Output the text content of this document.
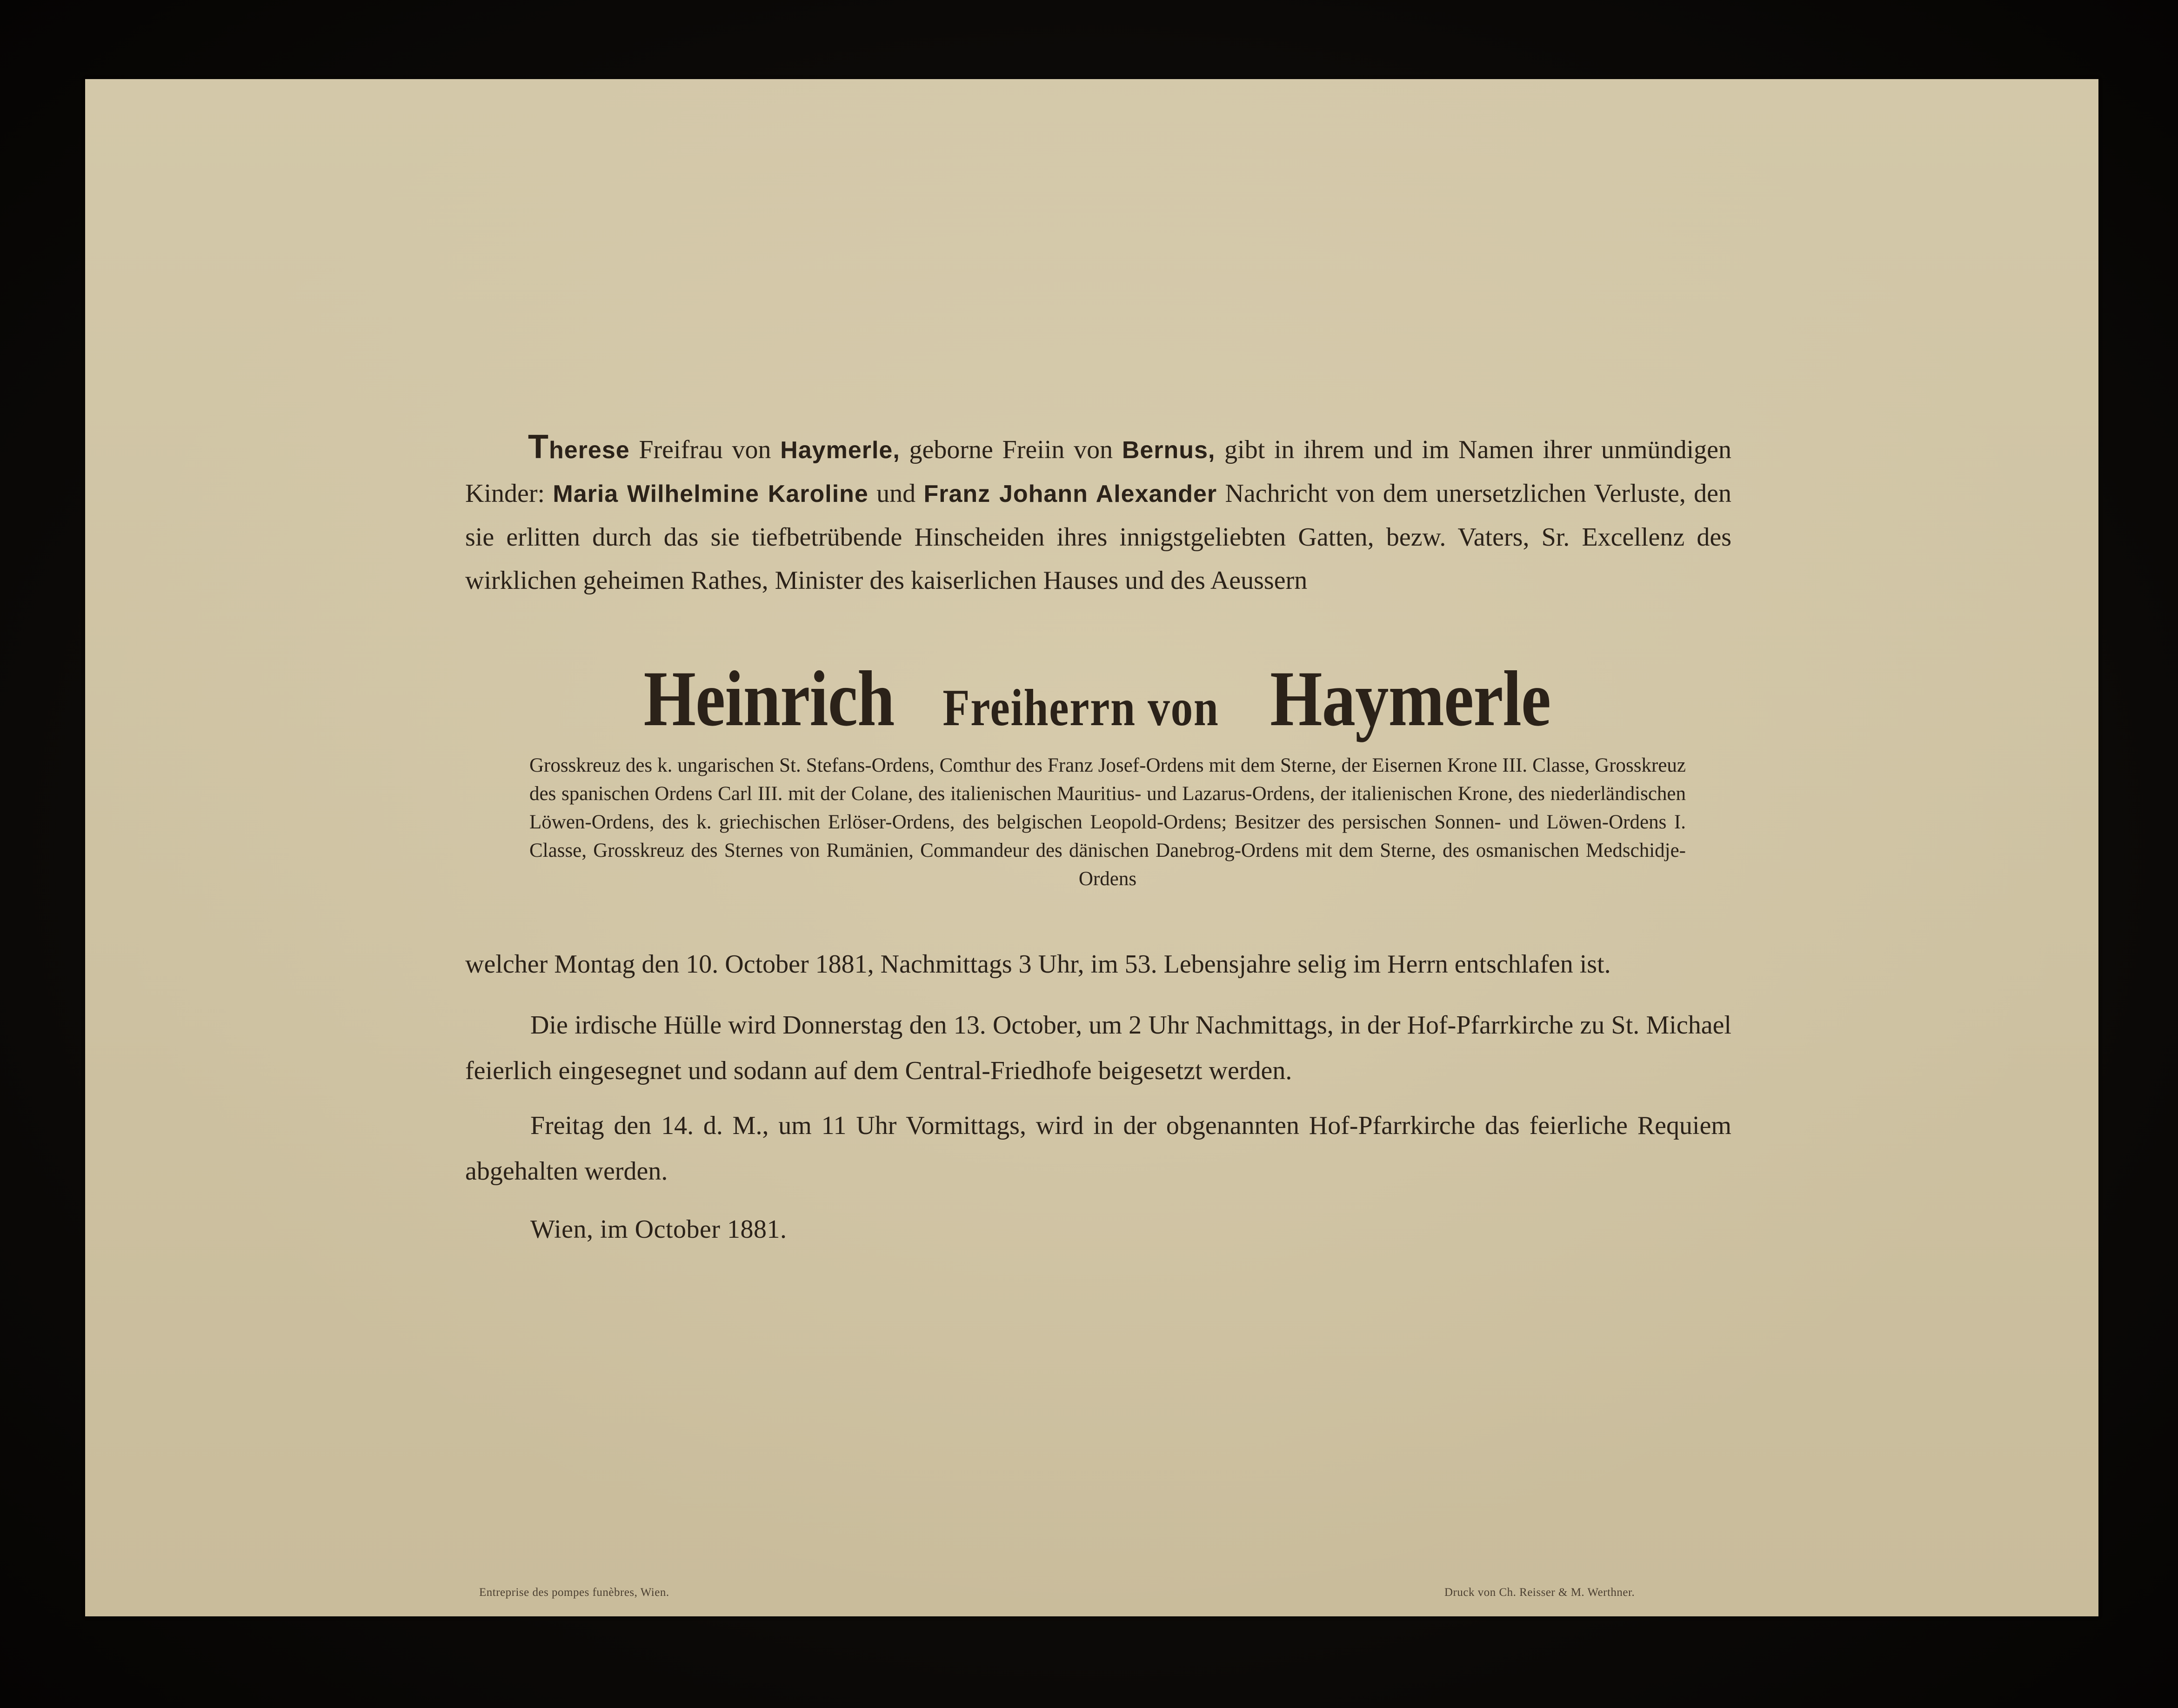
Therese Freifrau von Haymerle, geborne Freiin von Bernus, gibt in ihrem und im Namen ihrer unmündigen Kinder: Maria Wilhelmine Karoline und Franz Johann Alexander Nachricht von dem unersetzlichen Verluste, den sie erlitten durch das sie tiefbetrübende Hinscheiden ihres innigstgeliebten Gatten, bezw. Vaters, Sr. Excellenz des wirklichen geheimen Rathes, Minister des kaiserlichen Hauses und des Aeussern

Heinrich Freiherrn von Haymerle

Grosskreuz des k. ungarischen St. Stefans-Ordens, Comthur des Franz Josef-Ordens mit dem Sterne, der Eisernen Krone III. Classe, Grosskreuz des spanischen Ordens Carl III. mit der Colane, des italienischen Mauritius- und Lazarus-Ordens, der italienischen Krone, des niederländischen Löwen-Ordens, des k. griechischen Erlöser-Ordens, des belgischen Leopold-Ordens; Besitzer des persischen Sonnen- und Löwen-Ordens I. Classe, Grosskreuz des Sternes von Rumänien, Commandeur des dänischen Danebrog-Ordens mit dem Sterne, des osmanischen Medschidje-Ordens

welcher Montag den 10. October 1881, Nachmittags 3 Uhr, im 53. Lebensjahre selig im Herrn entschlafen ist.

Die irdische Hülle wird Donnerstag den 13. October, um 2 Uhr Nachmittags, in der Hof-Pfarrkirche zu St. Michael feierlich eingesegnet und sodann auf dem Central-Friedhofe beigesetzt werden.

Freitag den 14. d. M., um 11 Uhr Vormittags, wird in der obgenannten Hof-Pfarrkirche das feierliche Requiem abgehalten werden.

Wien, im October 1881.

Entreprise des pompes funèbres, Wien.	Druck von Ch. Reisser & M. Werthner.
